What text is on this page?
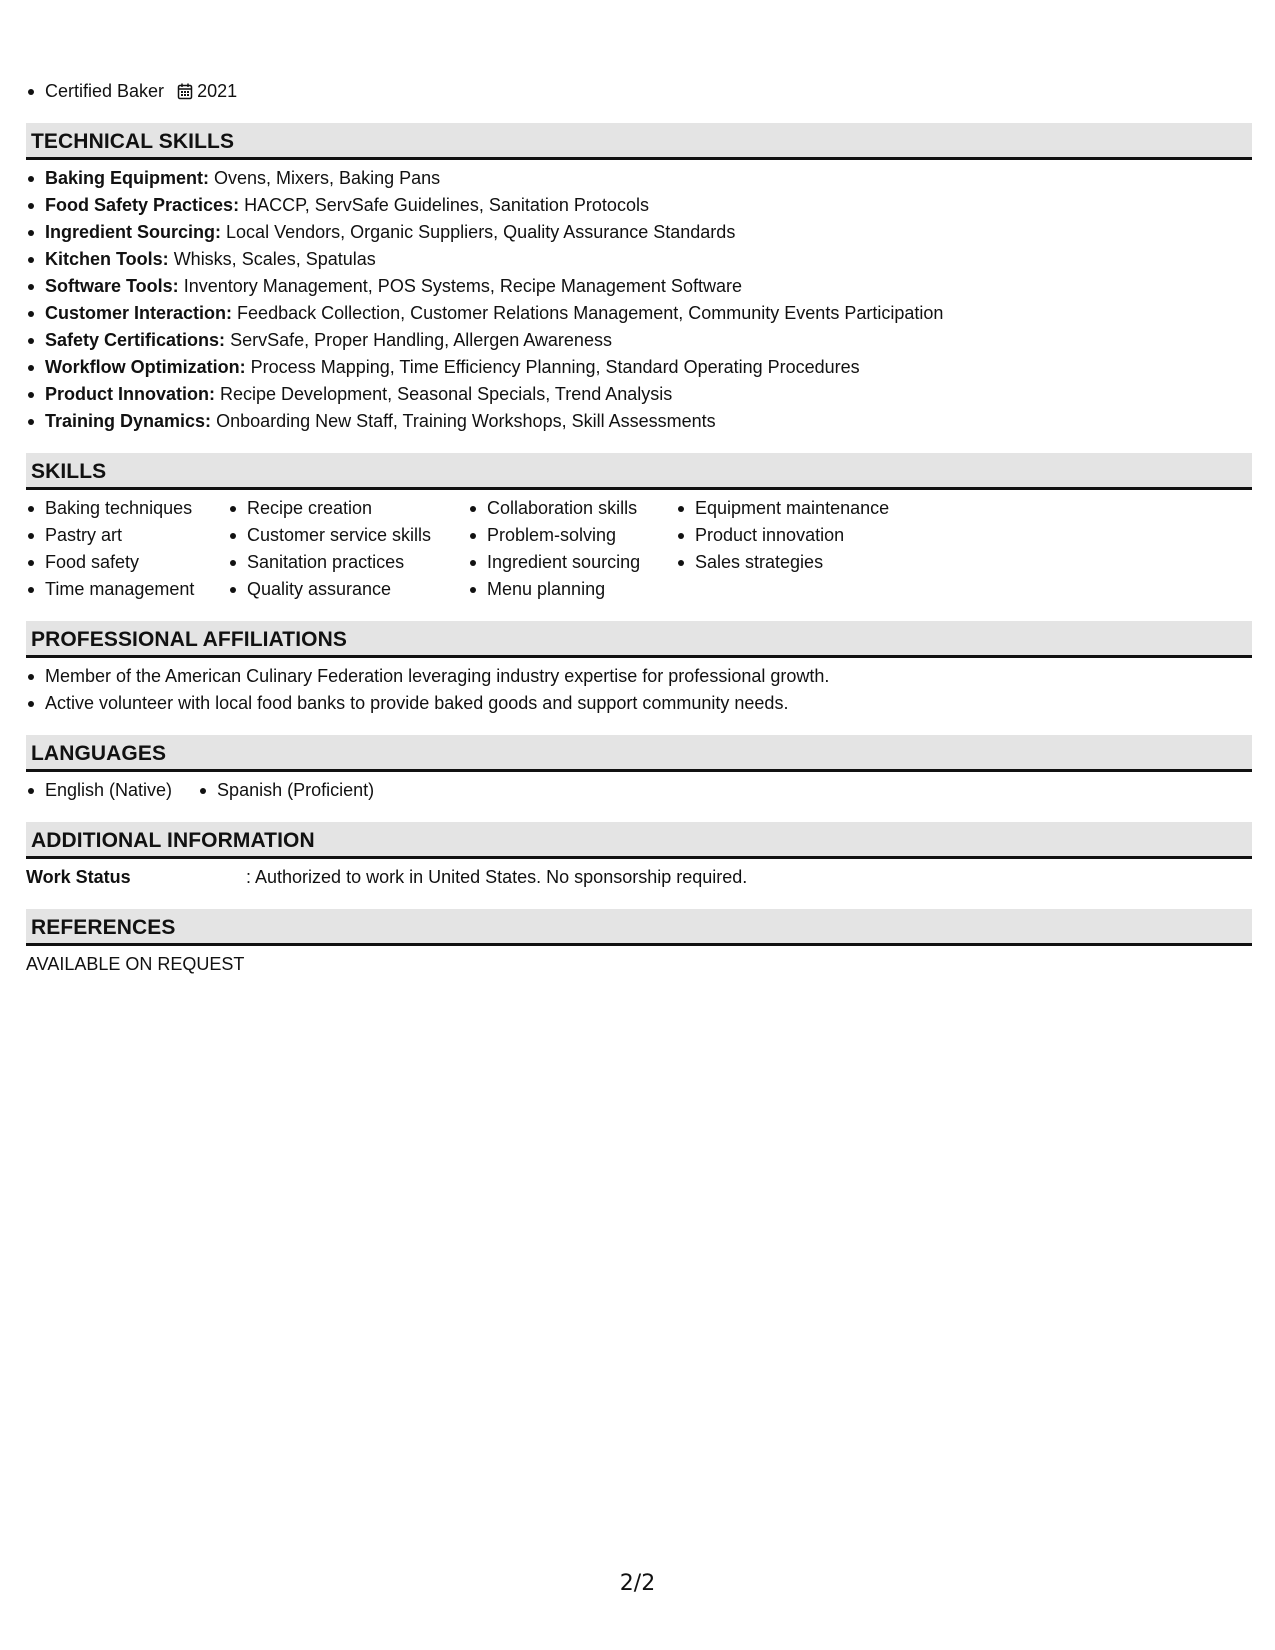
Certified Baker 2021
TECHNICAL SKILLS
Baking Equipment: Ovens, Mixers, Baking Pans
Food Safety Practices: HACCP, ServSafe Guidelines, Sanitation Protocols
Ingredient Sourcing: Local Vendors, Organic Suppliers, Quality Assurance Standards
Kitchen Tools: Whisks, Scales, Spatulas
Software Tools: Inventory Management, POS Systems, Recipe Management Software
Customer Interaction: Feedback Collection, Customer Relations Management, Community Events Participation
Safety Certifications: ServSafe, Proper Handling, Allergen Awareness
Workflow Optimization: Process Mapping, Time Efficiency Planning, Standard Operating Procedures
Product Innovation: Recipe Development, Seasonal Specials, Trend Analysis
Training Dynamics: Onboarding New Staff, Training Workshops, Skill Assessments
SKILLS
Baking techniques
Pastry art
Food safety
Time management
Recipe creation
Customer service skills
Sanitation practices
Quality assurance
Collaboration skills
Problem-solving
Ingredient sourcing
Menu planning
Equipment maintenance
Product innovation
Sales strategies
PROFESSIONAL AFFILIATIONS
Member of the American Culinary Federation leveraging industry expertise for professional growth.
Active volunteer with local food banks to provide baked goods and support community needs.
LANGUAGES
English (Native)	Spanish (Proficient)
ADDITIONAL INFORMATION
Work Status	: Authorized to work in United States. No sponsorship required.
REFERENCES
AVAILABLE ON REQUEST
2/2
